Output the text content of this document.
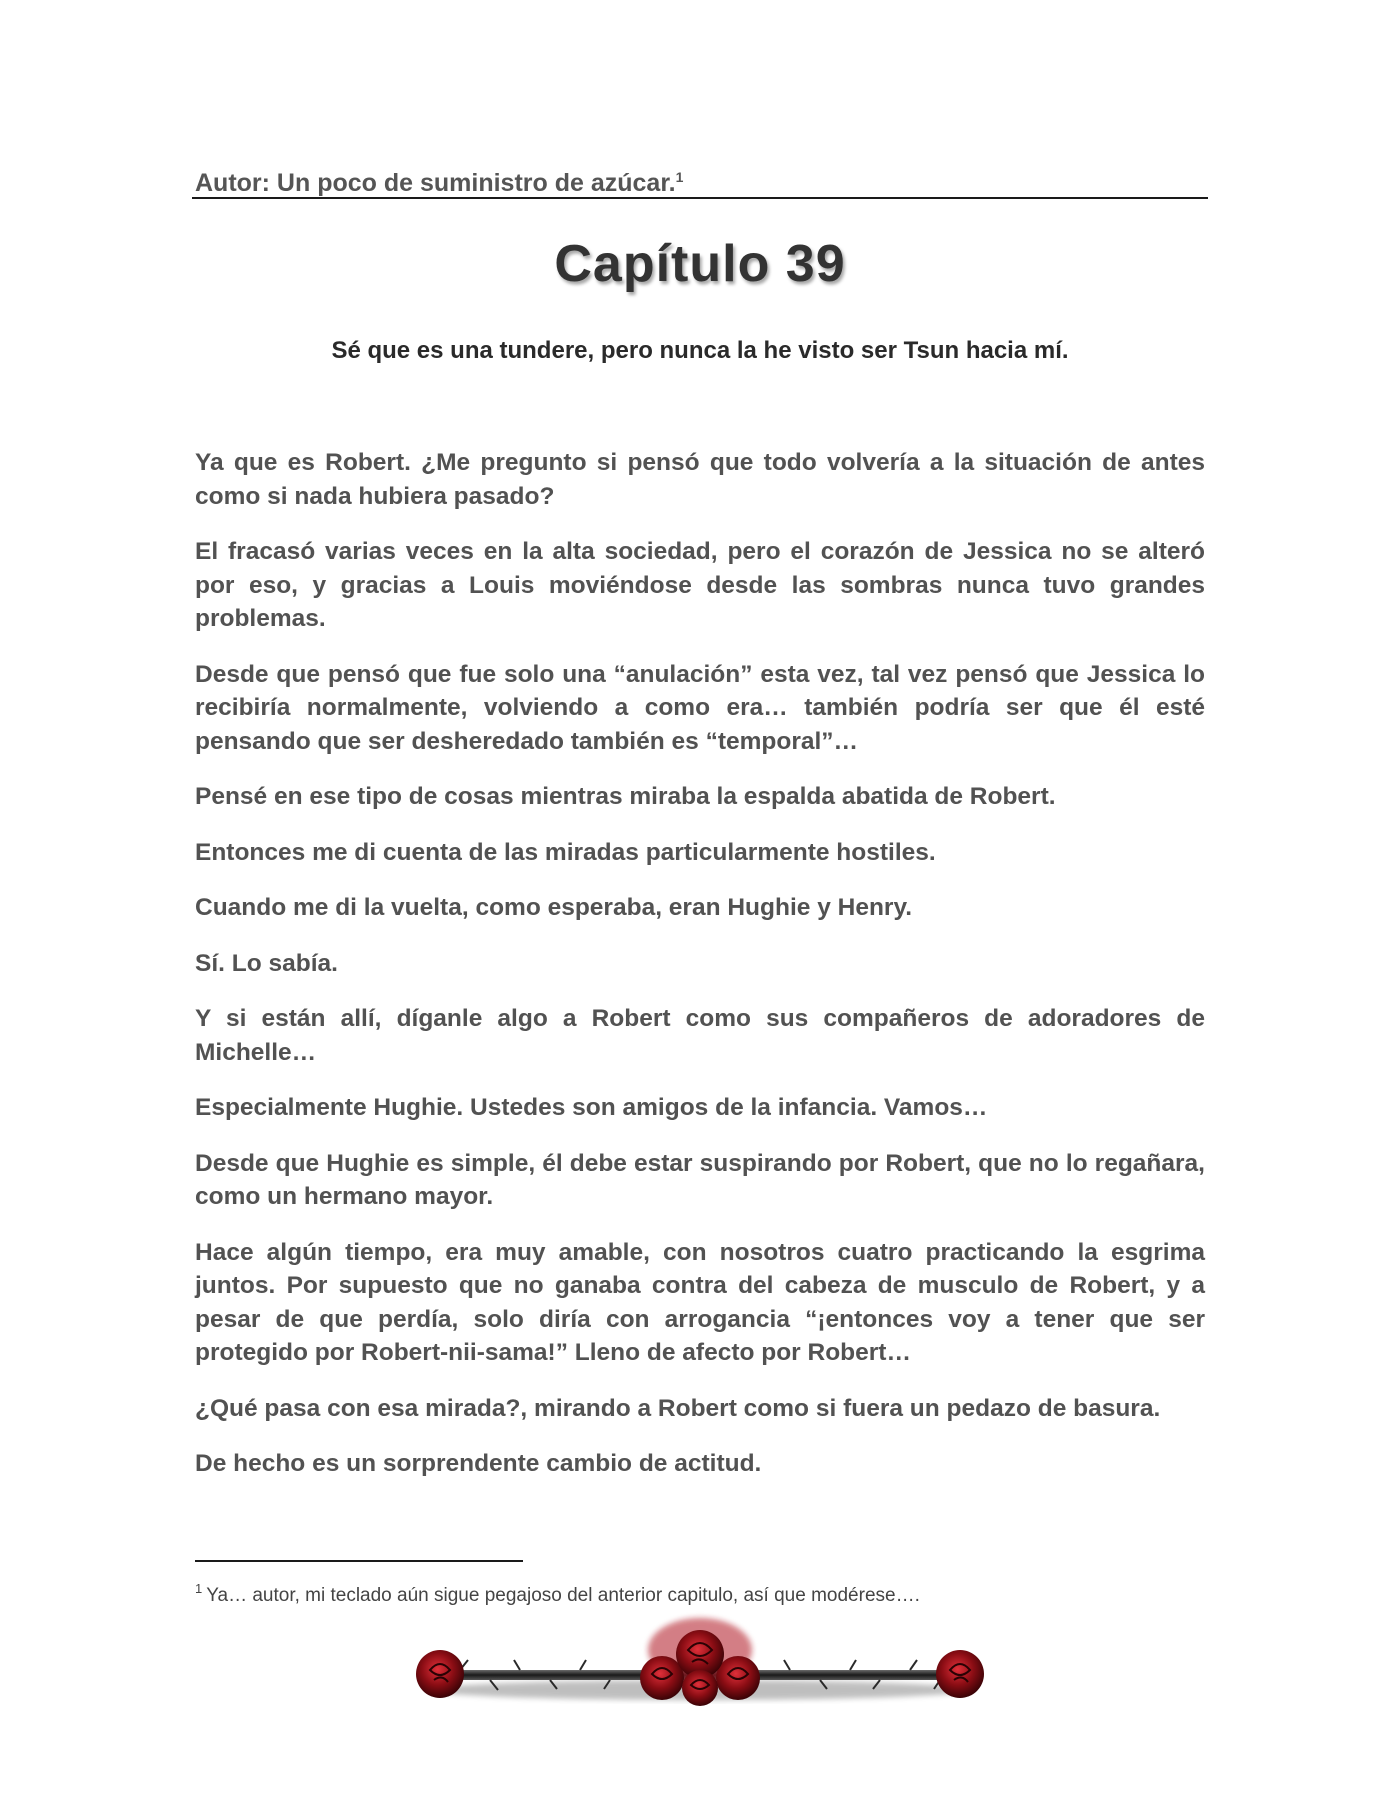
Autor: Un poco de suministro de azúcar.$^1$
Capítulo 39
Sé que es una tundere, pero nunca la he visto ser Tsun hacia mí.

Ya que es Robert. ¿Me pregunto si pensó que todo volvería a la situación de antes como si nada hubiera pasado?

El fracasó varias veces en la alta sociedad, pero el corazón de Jessica no se alteró por eso, y gracias a Louis moviéndose desde las sombras nunca tuvo grandes problemas.

Desde que pensó que fue solo una “anulación” esta vez, tal vez pensó que Jessica lo recibiría normalmente, volviendo a como era… también podría ser que él esté pensando que ser desheredado también es “temporal”…

Pensé en ese tipo de cosas mientras miraba la espalda abatida de Robert.

Entonces me di cuenta de las miradas particularmente hostiles.

Cuando me di la vuelta, como esperaba, eran Hughie y Henry.

Sí. Lo sabía.

Y si están allí, díganle algo a Robert como sus compañeros de adoradores de Michelle…

Especialmente Hughie. Ustedes son amigos de la infancia. Vamos…

Desde que Hughie es simple, él debe estar suspirando por Robert, que no lo regañara, como un hermano mayor.

Hace algún tiempo, era muy amable, con nosotros cuatro practicando la esgrima juntos. Por supuesto que no ganaba contra del cabeza de musculo de Robert, y a pesar de que perdía, solo diría con arrogancia “¡entonces voy a tener que ser protegido por Robert-nii-sama!” Lleno de afecto por Robert…

¿Qué pasa con esa mirada?, mirando a Robert como si fuera un pedazo de basura.

De hecho es un sorprendente cambio de actitud.

$^1$ Ya… autor, mi teclado aún sigue pegajoso del anterior capitulo, así que modérese….
